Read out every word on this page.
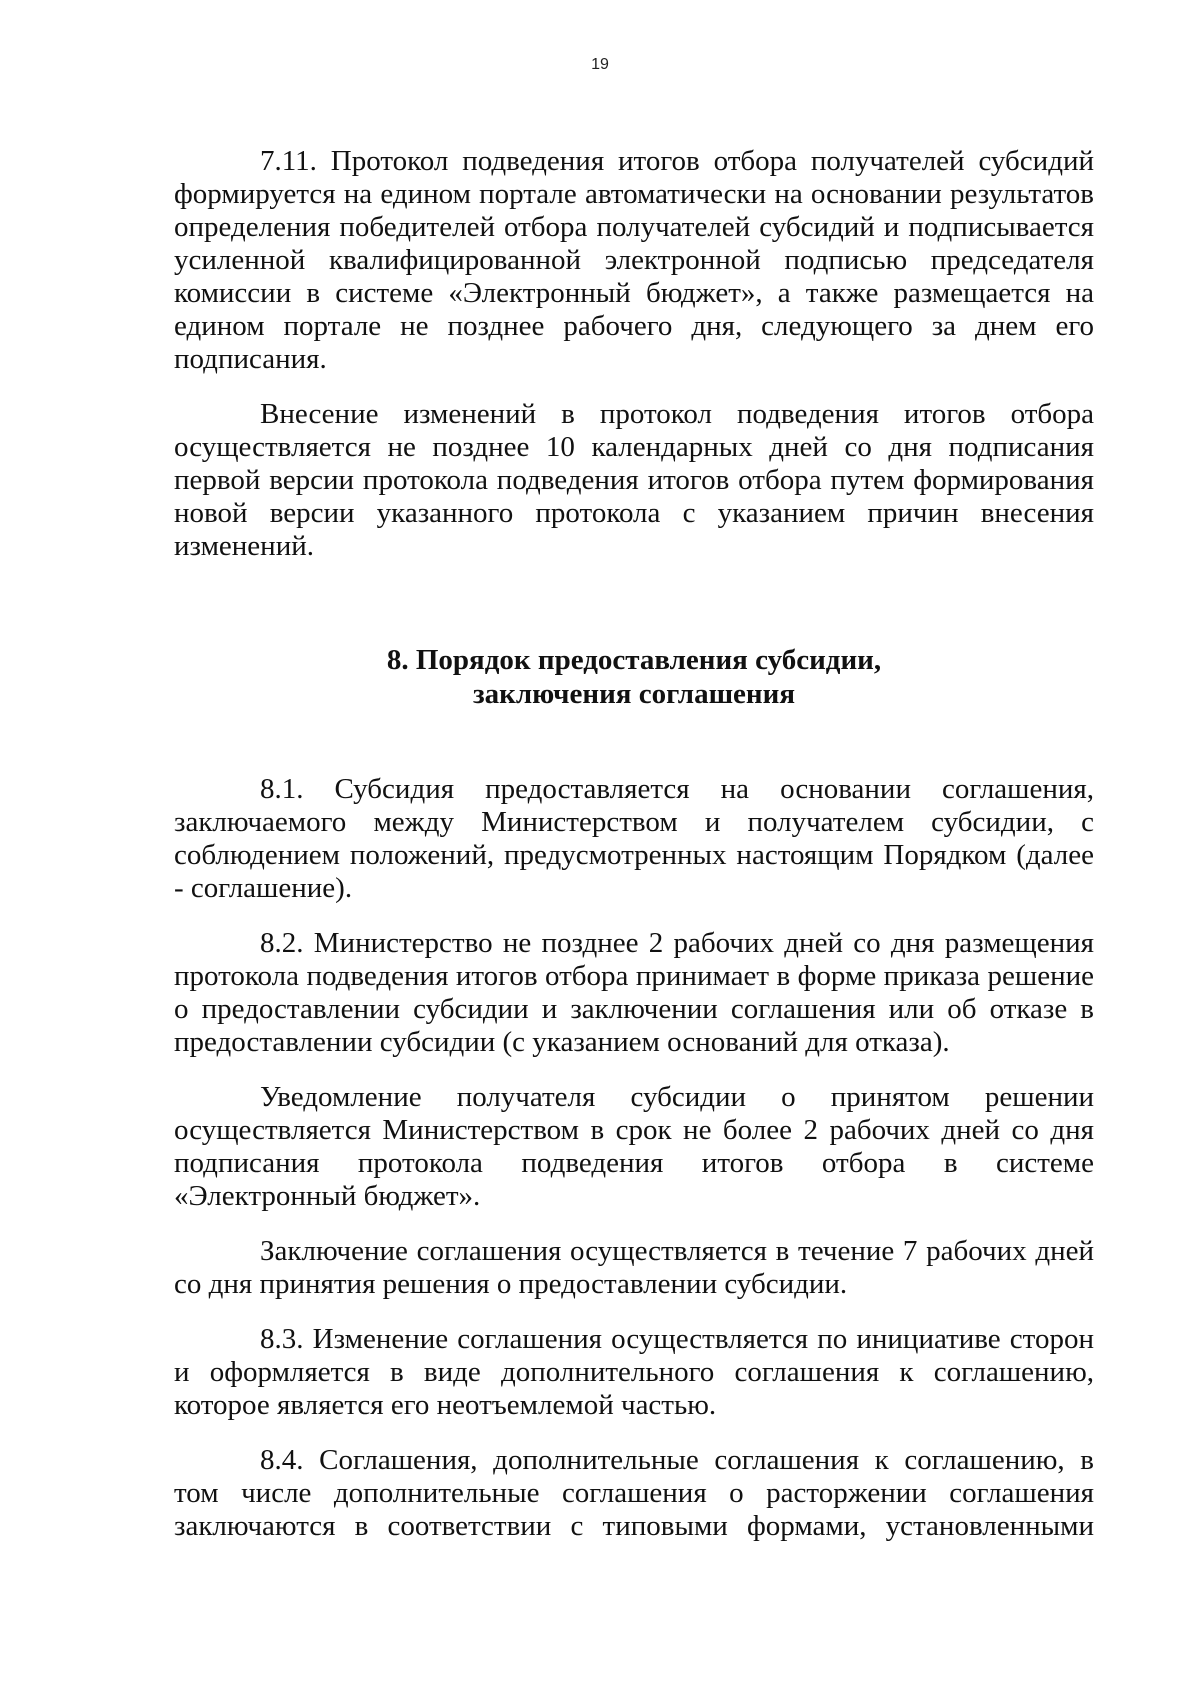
19

7.11. Протокол подведения итогов отбора получателей субсидий формируется на едином портале автоматически на основании результатов определения победителей отбора получателей субсидий и подписывается усиленной квалифицированной электронной подписью председателя комиссии в системе «Электронный бюджет», а также размещается на едином портале не позднее рабочего дня, следующего за днем его подписания.

Внесение изменений в протокол подведения итогов отбора осуществляется не позднее 10 календарных дней со дня подписания первой версии протокола подведения итогов отбора путем формирования новой версии указанного протокола с указанием причин внесения изменений.

8. Порядок предоставления субсидии,
заключения соглашения

8.1. Субсидия предоставляется на основании соглашения, заключаемого между Министерством и получателем субсидии, с соблюдением положений, предусмотренных настоящим Порядком (далее - соглашение).

8.2. Министерство не позднее 2 рабочих дней со дня размещения протокола подведения итогов отбора принимает в форме приказа решение о предоставлении субсидии и заключении соглашения или об отказе в предоставлении субсидии (с указанием оснований для отказа).

Уведомление получателя субсидии о принятом решении осуществляется Министерством в срок не более 2 рабочих дней со дня подписания протокола подведения итогов отбора в системе «Электронный бюджет».

Заключение соглашения осуществляется в течение 7 рабочих дней со дня принятия решения о предоставлении субсидии.

8.3. Изменение соглашения осуществляется по инициативе сторон и оформляется в виде дополнительного соглашения к соглашению, которое является его неотъемлемой частью.

8.4. Соглашения, дополнительные соглашения к соглашению, в том числе дополнительные соглашения о расторжении соглашения заключаются в соответствии с типовыми формами, установленными
